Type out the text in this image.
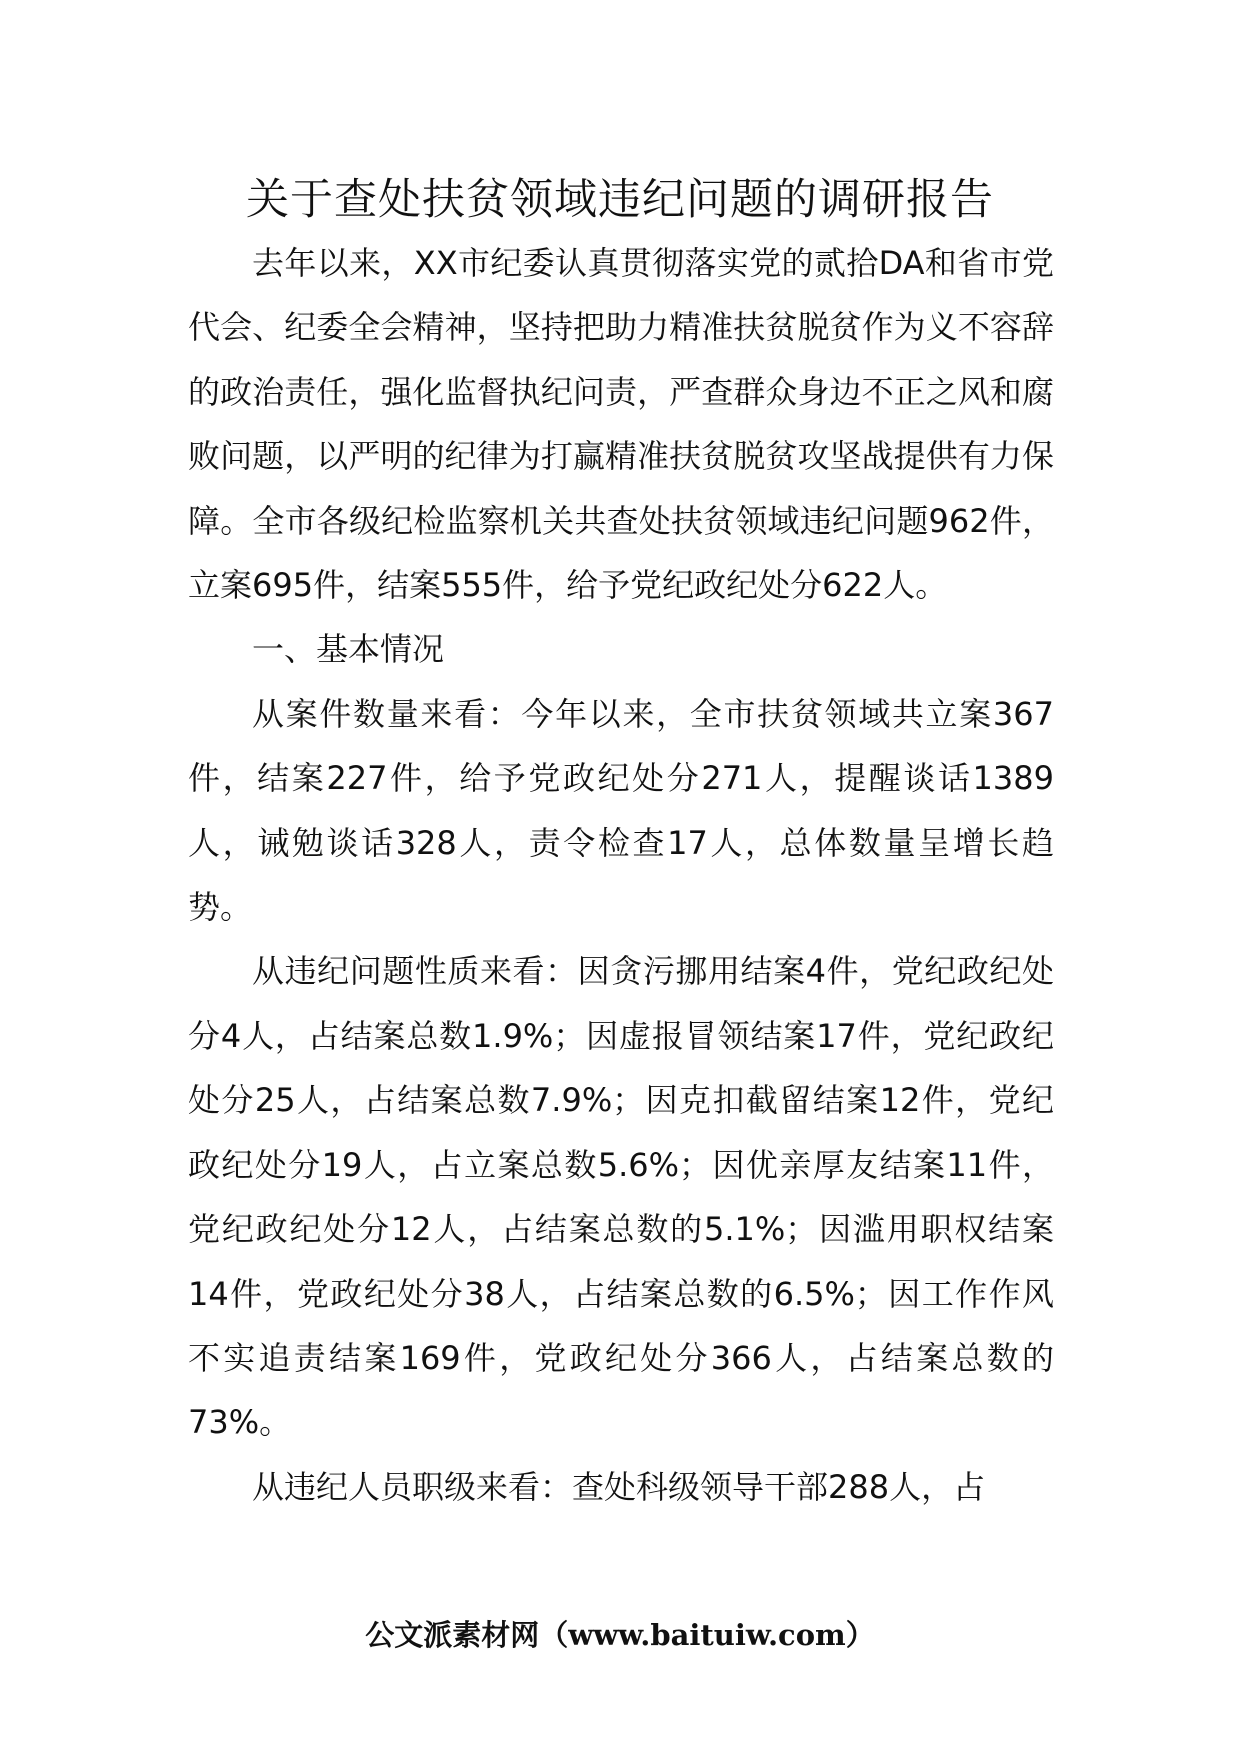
关于查处扶贫领域违纪问题的调研报告

去年以来，XX市纪委认真贯彻落实党的贰拾DA和省市党代会、纪委全会精神，坚持把助力精准扶贫脱贫作为义不容辞的政治责任，强化监督执纪问责，严查群众身边不正之风和腐败问题，以严明的纪律为打赢精准扶贫脱贫攻坚战提供有力保障。全市各级纪检监察机关共查处扶贫领域违纪问题962件，立案695件，结案555件，给予党纪政纪处分622人。

一、基本情况

从案件数量来看：今年以来，全市扶贫领域共立案367件，结案227件，给予党政纪处分271人，提醒谈话1389人，诫勉谈话328人，责令检查17人，总体数量呈增长趋势。

从违纪问题性质来看：因贪污挪用结案4件，党纪政纪处分4人，占结案总数1.9%；因虚报冒领结案17件，党纪政纪处分25人，占结案总数7.9%；因克扣截留结案12件，党纪政纪处分19人，占立案总数5.6%；因优亲厚友结案11件，党纪政纪处分12人，占结案总数的5.1%；因滥用职权结案14件，党政纪处分38人，占结案总数的6.5%；因工作作风不实追责结案169件，党政纪处分366人，占结案总数的73%。

从违纪人员职级来看：查处科级领导干部288人，占

公文派素材网（www.baituiw.com）
